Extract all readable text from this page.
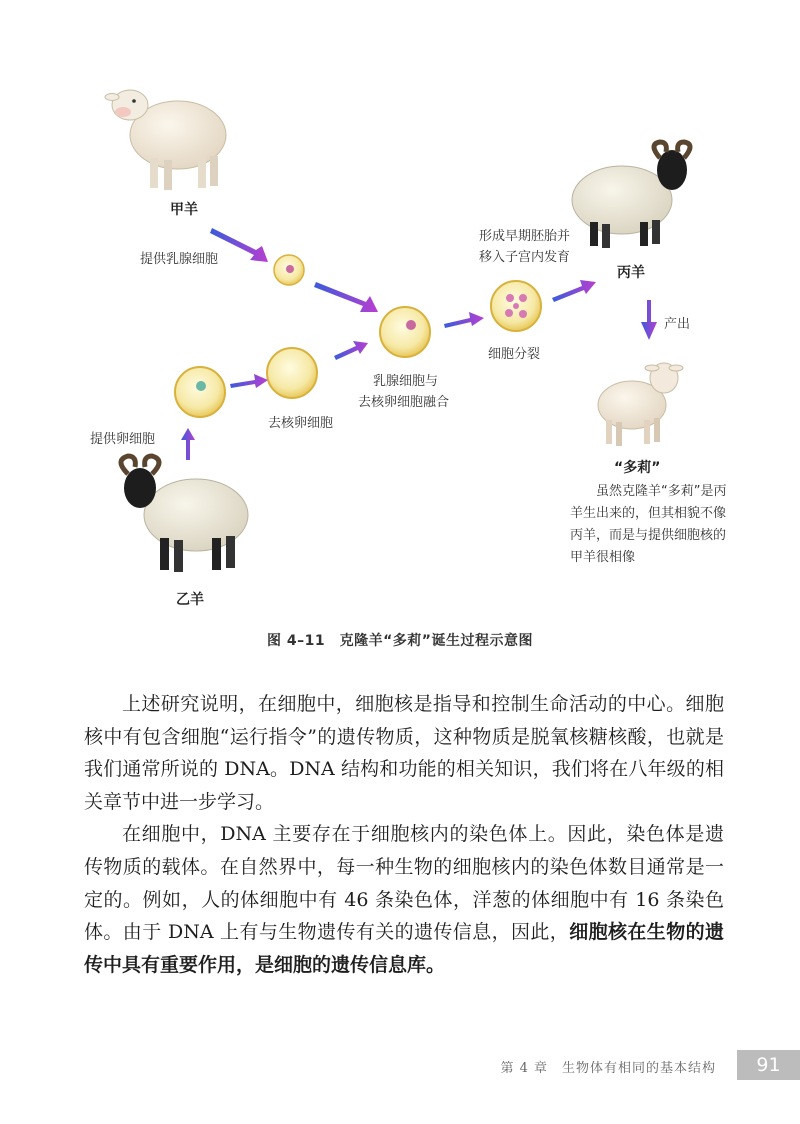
甲羊
乙羊
丙羊
“多莉”
提供乳腺细胞
提供卵细胞
去核卵细胞
乳腺细胞与
去核卵细胞融合
细胞分裂
形成早期胚胎并
移入子宫内发育
产出
虽然克隆羊“多莉”是丙羊生出来的，但其相貌不像丙羊，而是与提供细胞核的甲羊很相像
图 4–11　克隆羊“多莉”诞生过程示意图

上述研究说明，在细胞中，细胞核是指导和控制生命活动的中心。细胞核中有包含细胞“运行指令”的遗传物质，这种物质是脱氧核糖核酸，也就是我们通常所说的 DNA。DNA 结构和功能的相关知识，我们将在八年级的相关章节中进一步学习。

在细胞中，DNA 主要存在于细胞核内的染色体上。因此，染色体是遗传物质的载体。在自然界中，每一种生物的细胞核内的染色体数目通常是一定的。例如，人的体细胞中有 46 条染色体，洋葱的体细胞中有 16 条染色体。由于 DNA 上有与生物遗传有关的遗传信息，因此，细胞核在生物的遗传中具有重要作用，是细胞的遗传信息库。

第 4 章　生物体有相同的基本结构	91
